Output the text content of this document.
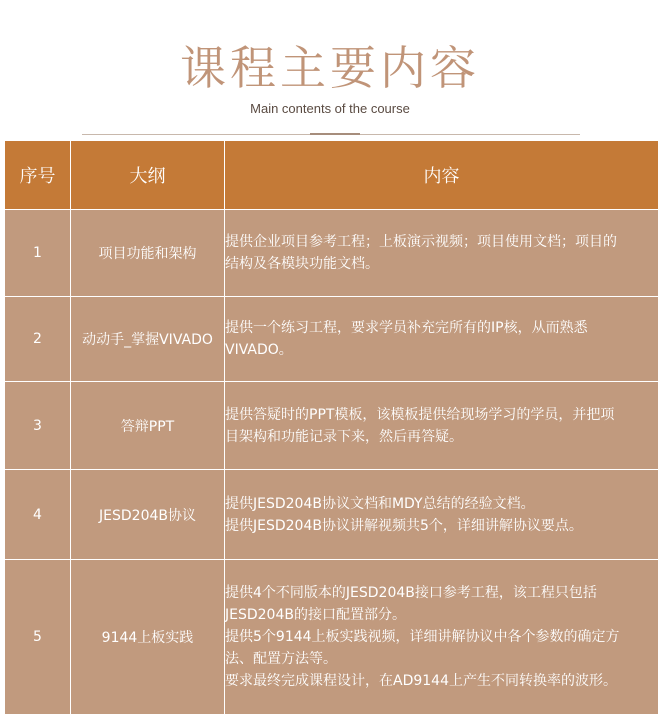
课程主要内容
Main contents of the course
序号	大纲	内容
1	项目功能和架构	提供企业项目参考工程；上板演示视频；项目使用文档；项目的
结构及各模块功能文档。

2	动动手_掌握VIVADO	提供一个练习工程，要求学员补充完所有的IP核，从而熟悉
VIVADO。

3	答辩PPT	提供答疑时的PPT模板，该模板提供给现场学习的学员，并把项
目架构和功能记录下来，然后再答疑。

4	JESD204B协议	提供JESD204B协议文档和MDY总结的经验文档。
提供JESD204B协议讲解视频共5个，详细讲解协议要点。

5	9144上板实践	提供4个不同版本的JESD204B接口参考工程，该工程只包括
JESD204B的接口配置部分。
提供5个9144上板实践视频，详细讲解协议中各个参数的确定方
法、配置方法等。
要求最终完成课程设计，在AD9144上产生不同转换率的波形。
